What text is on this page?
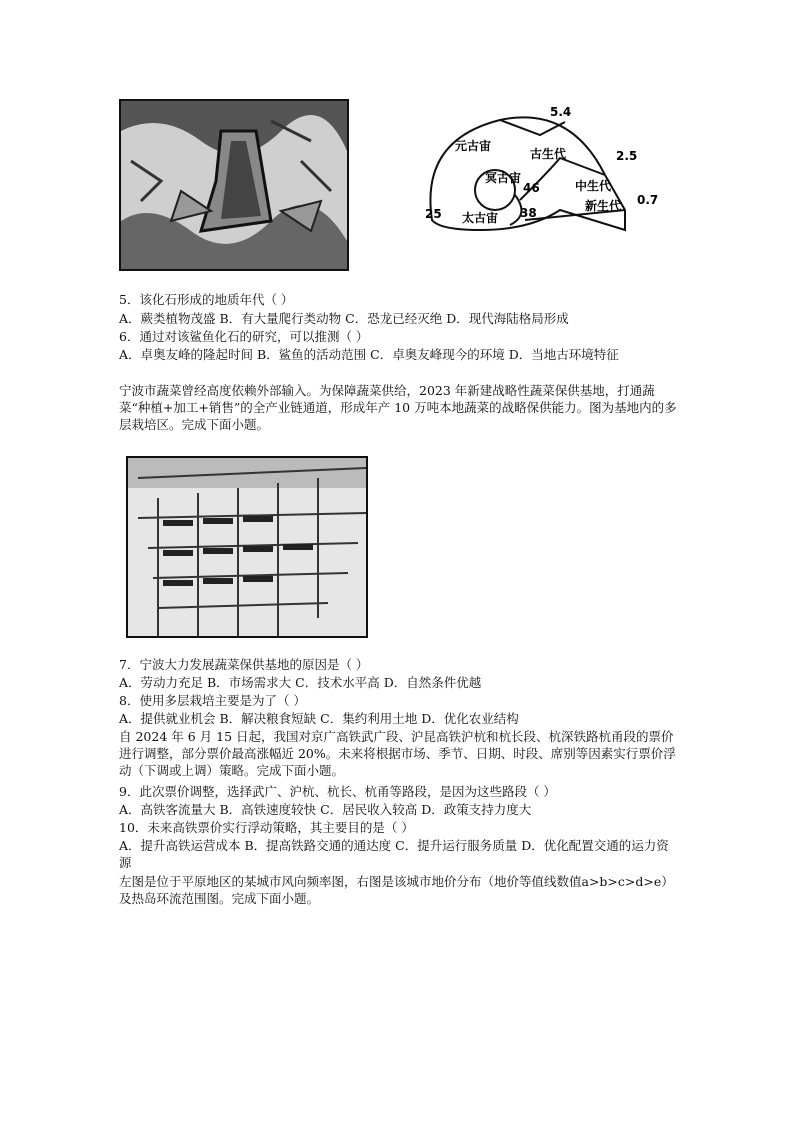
元古宙
古生代
冥古宙
中生代
新生代
太古宙
5.4
2.5
0.7
46
38
25
5．该化石形成的地质年代（ ）
A．蕨类植物茂盛 B．有大量爬行类动物 C．恐龙已经灭绝 D．现代海陆格局形成
6．通过对该鲨鱼化石的研究，可以推测（ ）
A．卓奥友峰的隆起时间 B．鲨鱼的活动范围 C．卓奥友峰现今的环境 D．当地古环境特征
宁波市蔬菜曾经高度依赖外部输入。为保障蔬菜供给，2023 年新建战略性蔬菜保供基地，打通蔬菜“种植+加工+销售”的全产业链通道，形成年产 10 万吨本地蔬菜的战略保供能力。图为基地内的多层栽培区。完成下面小题。
7．宁波大力发展蔬菜保供基地的原因是（ ）
A．劳动力充足 B．市场需求大 C．技术水平高 D．自然条件优越
8．使用多层栽培主要是为了（ ）
A．提供就业机会 B．解决粮食短缺 C．集约利用土地 D．优化农业结构
自 2024 年 6 月 15 日起，我国对京广高铁武广段、沪昆高铁沪杭和杭长段、杭深铁路杭甬段的票价进行调整，部分票价最高涨幅近 20%。未来将根据市场、季节、日期、时段、席别等因素实行票价浮动（下调或上调）策略。完成下面小题。
9．此次票价调整，选择武广、沪杭、杭长、杭甬等路段，是因为这些路段（ ）
A．高铁客流量大 B．高铁速度较快 C．居民收入较高 D．政策支持力度大
10．未来高铁票价实行浮动策略，其主要目的是（ ）
A．提升高铁运营成本 B．提高铁路交通的通达度 C．提升运行服务质量 D．优化配置交通的运力资源
左图是位于平原地区的某城市风向频率图，右图是该城市地价分布（地价等值线数值a>b>c>d>e）及热岛环流范围图。完成下面小题。
